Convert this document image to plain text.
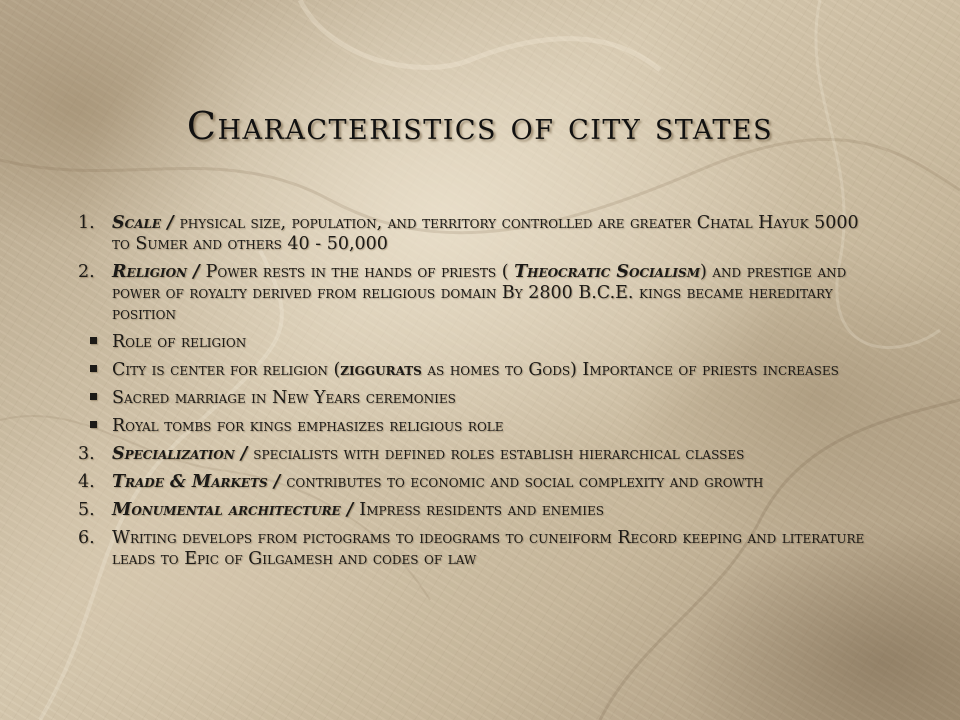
Characteristics of city states
1. Scale / physical size, population, and territory controlled are greater Chatal Hayuk 5000 to Sumer and others 40 - 50,000
2. Religion / Power rests in the hands of priests ( Theocratic Socialism) and prestige and power of royalty derived from religious domain By 2800 B.C.E. kings became hereditary position
Role of religion
City is center for religion (ziggurats as homes to Gods) Importance of priests increases
Sacred marriage in New Years ceremonies
Royal tombs for kings emphasizes religious role
3. Specialization / specialists with defined roles establish hierarchical classes
4. Trade & Markets / contributes to economic and social complexity and growth
5. Monumental architecture / Impress residents and enemies
6. Writing develops from pictograms to ideograms to cuneiform Record keeping and literature leads to Epic of Gilgamesh and codes of law
